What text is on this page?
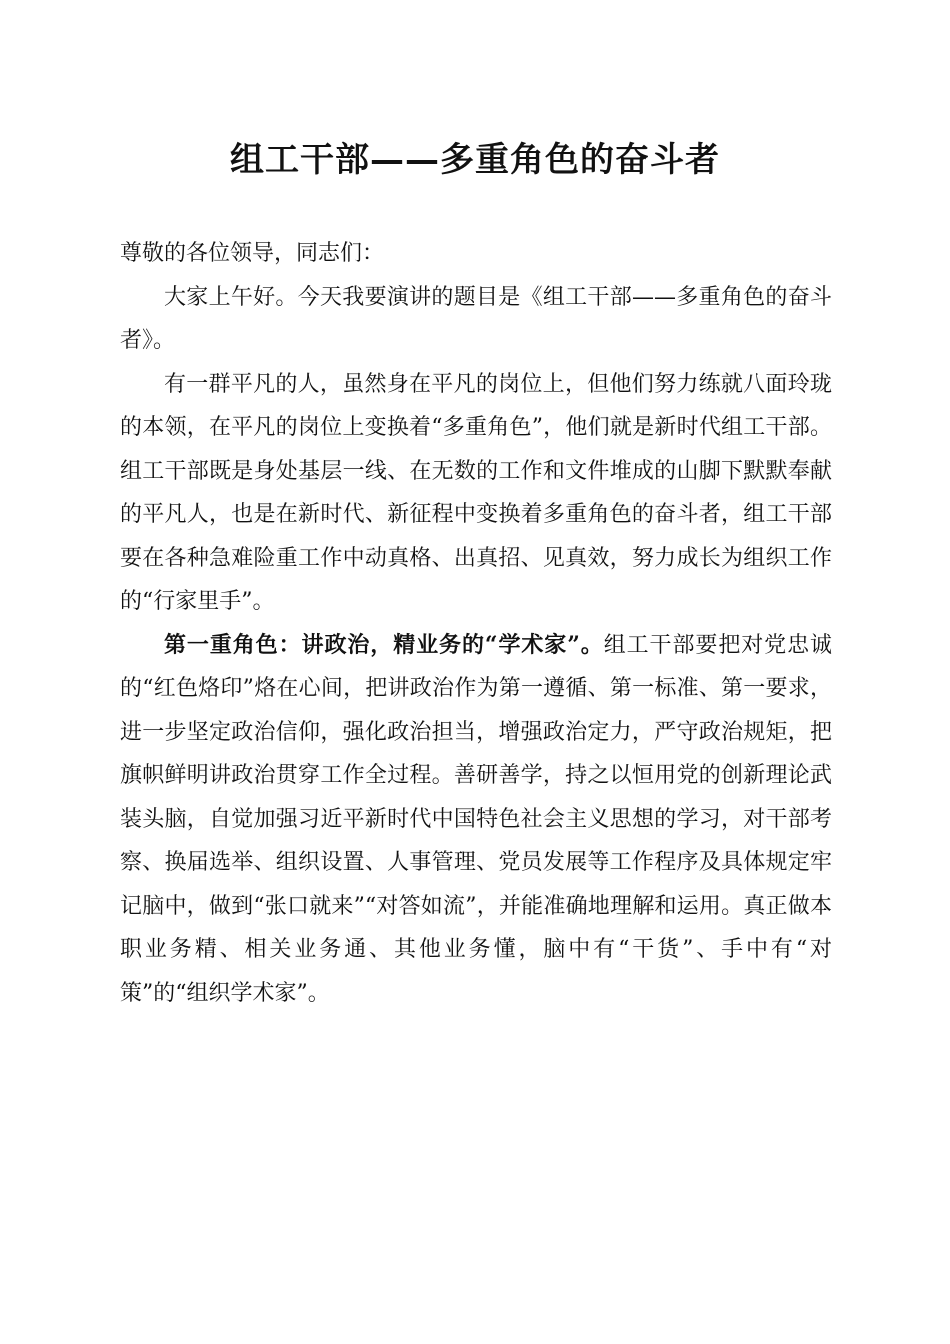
组工干部——多重角色的奋斗者

尊敬的各位领导，同志们：

大家上午好。今天我要演讲的题目是《组工干部——多重角色的奋斗者》。

有一群平凡的人，虽然身在平凡的岗位上，但他们努力练就八面玲珑的本领，在平凡的岗位上变换着“多重角色”，他们就是新时代组工干部。组工干部既是身处基层一线、在无数的工作和文件堆成的山脚下默默奉献的平凡人，也是在新时代、新征程中变换着多重角色的奋斗者，组工干部要在各种急难险重工作中动真格、出真招、见真效，努力成长为组织工作的“行家里手”。

第一重角色：讲政治，精业务的“学术家”。组工干部要把对党忠诚的“红色烙印”烙在心间，把讲政治作为第一遵循、第一标准、第一要求，进一步坚定政治信仰，强化政治担当，增强政治定力，严守政治规矩，把旗帜鲜明讲政治贯穿工作全过程。善研善学，持之以恒用党的创新理论武装头脑，自觉加强习近平新时代中国特色社会主义思想的学习，对干部考察、换届选举、组织设置、人事管理、党员发展等工作程序及具体规定牢记脑中，做到“张口就来”“对答如流”，并能准确地理解和运用。真正做本职业务精、相关业务通、其他业务懂，脑中有“干货”、手中有“对策”的“组织学术家”。
